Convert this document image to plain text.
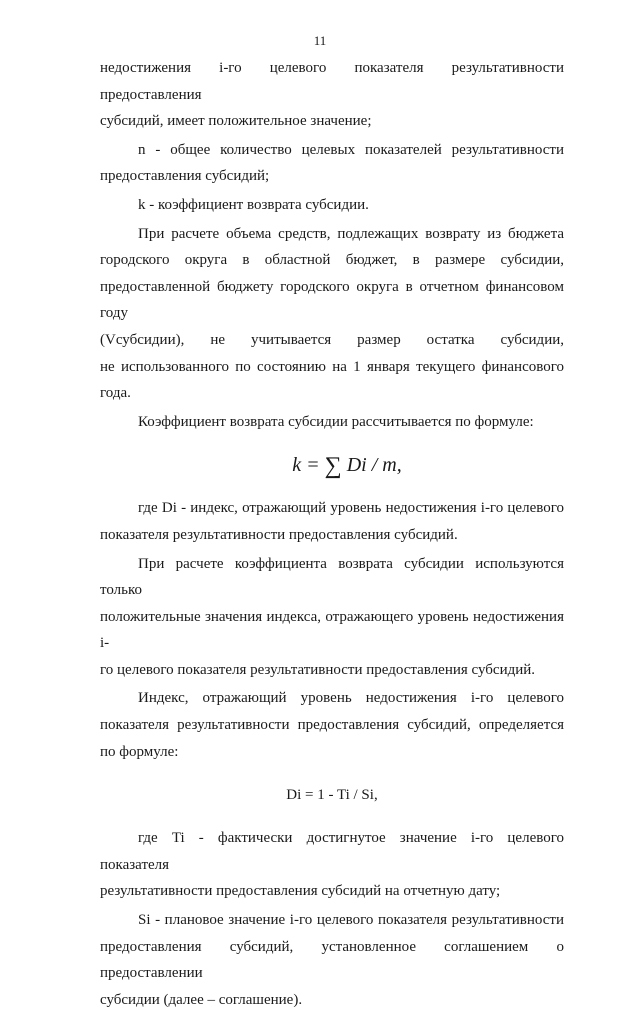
11
недостижения i-го целевого показателя результативности предоставления
субсидий, имеет положительное значение;
n - общее количество целевых показателей результативности
предоставления субсидий;
k - коэффициент возврата субсидии.
При расчете объема средств, подлежащих возврату из бюджета
городского округа в областной бюджет, в размере субсидии,
предоставленной бюджету городского округа в отчетном финансовом году
(Vсубсидии), не учитывается размер остатка субсидии,
не использованного по состоянию на 1 января текущего финансового года.
Коэффициент возврата субсидии рассчитывается по формуле:
k = ∑ Di / m,
где Di - индекс, отражающий уровень недостижения i-го целевого
показателя результативности предоставления субсидий.
При расчете коэффициента возврата субсидии используются только
положительные значения индекса, отражающего уровень недостижения i-
го целевого показателя результативности предоставления субсидий.
Индекс, отражающий уровень недостижения i-го целевого
показателя результативности предоставления субсидий, определяется
по формуле:
Di = 1 - Ti / Si,
где Ti - фактически достигнутое значение i-го целевого показателя
результативности предоставления субсидий на отчетную дату;
Si - плановое значение i-го целевого показателя результативности
предоставления субсидий, установленное соглашением о предоставлении
субсидии (далее – соглашение).
